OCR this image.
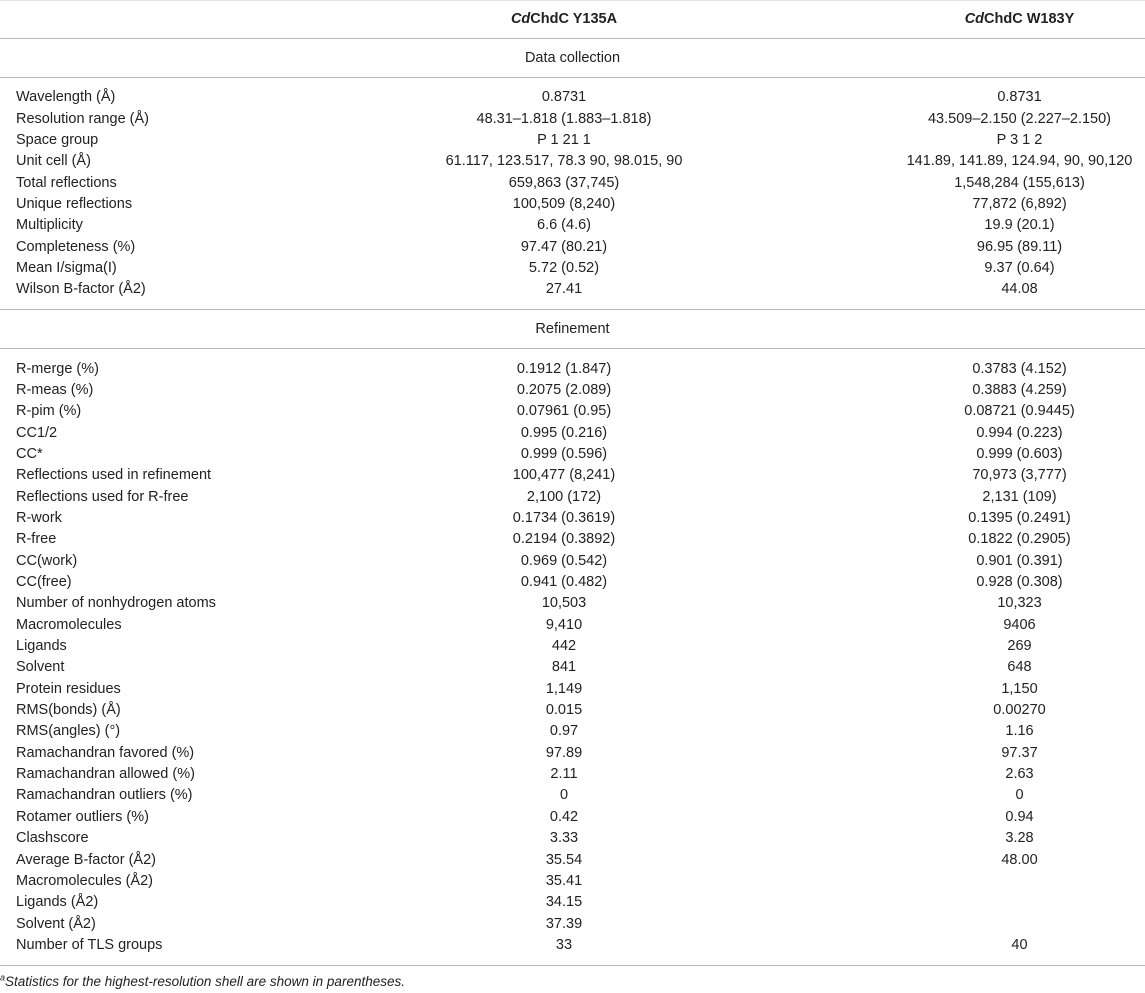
	CdChdC Y135A	CdChdC W183Y
Data collection		
Wavelength (Å)	0.8731	0.8731
Resolution range (Å)	48.31–1.818 (1.883–1.818)	43.509–2.150 (2.227–2.150)
Space group	P 1 21 1	P 3 1 2
Unit cell (Å)	61.117, 123.517, 78.3 90, 98.015, 90	141.89, 141.89, 124.94, 90, 90,120
Total reflections	659,863 (37,745)	1,548,284 (155,613)
Unique reflections	100,509 (8,240)	77,872 (6,892)
Multiplicity	6.6 (4.6)	19.9 (20.1)
Completeness (%)	97.47 (80.21)	96.95 (89.11)
Mean I/sigma(I)	5.72 (0.52)	9.37 (0.64)
Wilson B-factor (Å2)	27.41	44.08
Refinement		
R-merge (%)	0.1912 (1.847)	0.3783 (4.152)
R-meas (%)	0.2075 (2.089)	0.3883 (4.259)
R-pim (%)	0.07961 (0.95)	0.08721 (0.9445)
CC1/2	0.995 (0.216)	0.994 (0.223)
CC*	0.999 (0.596)	0.999 (0.603)
Reflections used in refinement	100,477 (8,241)	70,973 (3,777)
Reflections used for R-free	2,100 (172)	2,131 (109)
R-work	0.1734 (0.3619)	0.1395 (0.2491)
R-free	0.2194 (0.3892)	0.1822 (0.2905)
CC(work)	0.969 (0.542)	0.901 (0.391)
CC(free)	0.941 (0.482)	0.928 (0.308)
Number of nonhydrogen atoms	10,503	10,323
Macromolecules	9,410	9406
Ligands	442	269
Solvent	841	648
Protein residues	1,149	1,150
RMS(bonds) (Å)	0.015	0.00270
RMS(angles) (°)	0.97	1.16
Ramachandran favored (%)	97.89	97.37
Ramachandran allowed (%)	2.11	2.63
Ramachandran outliers (%)	0	0
Rotamer outliers (%)	0.42	0.94
Clashscore	3.33	3.28
Average B-factor (Å2)	35.54	48.00
Macromolecules (Å2)	35.41	
Ligands (Å2)	34.15	
Solvent (Å2)	37.39	
Number of TLS groups	33	40
$^a$Statistics for the highest-resolution shell are shown in parentheses.
